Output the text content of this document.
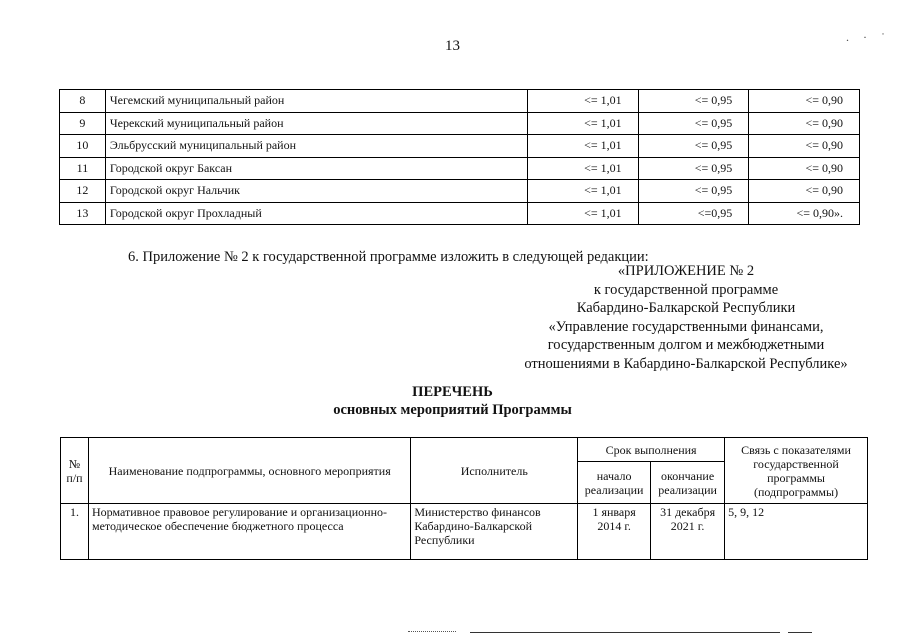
13
.·˙
8	Чегемский муниципальный район	<= 1,01	<= 0,95	<= 0,90
9	Черекский муниципальный район	<= 1,01	<= 0,95	<= 0,90
10	Эльбрусский муниципальный район	<= 1,01	<= 0,95	<= 0,90
11	Городской округ Баксан	<= 1,01	<= 0,95	<= 0,90
12	Городской округ Нальчик	<= 1,01	<= 0,95	<= 0,90
13	Городской округ Прохладный	<= 1,01	<=0,95	<= 0,90».
6. Приложение № 2 к государственной программе изложить в следующей редакции:
«ПРИЛОЖЕНИЕ № 2
к государственной программе
Кабардино-Балкарской Республики
«Управление государственными финансами,
государственным долгом и межбюджетными
отношениями в Кабардино-Балкарской Республике»
ПЕРЕЧЕНЬ
основных мероприятий Программы
№ п/п	Наименование подпрограммы, основного мероприятия	Исполнитель	Срок выполнения		Связь с показателями государственной программы (подпрограммы)
			начало реализации	окончание реализации	
1.	Нормативное правовое регулирование и организационно-методическое обеспечение бюджетного процесса	Министерство финансов Кабардино-Балкарской Республики	1 января 2014 г.	31 декабря 2021 г.	5, 9, 12
